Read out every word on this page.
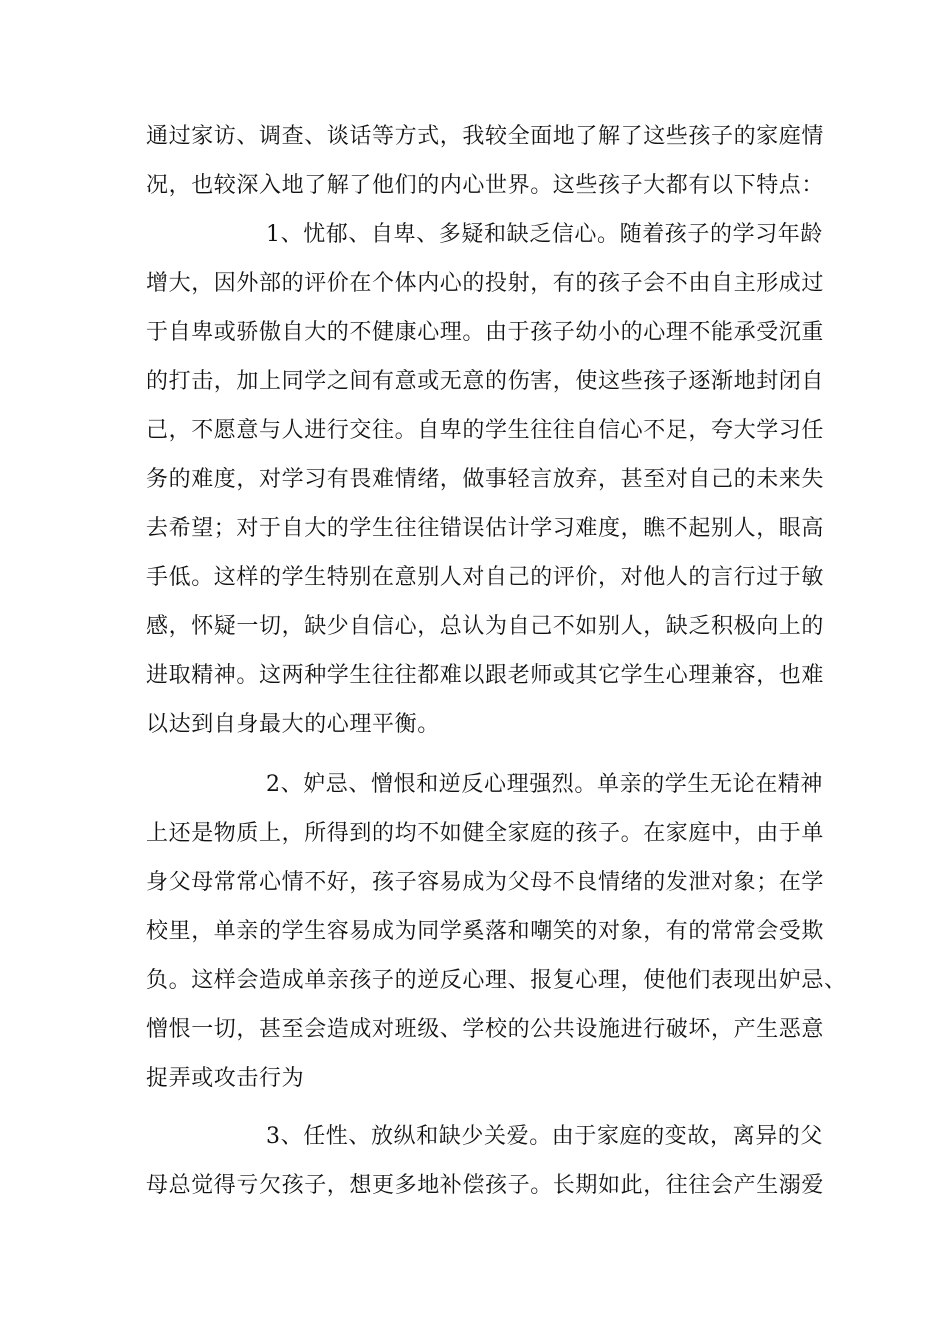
通过家访、调查、谈话等方式，我较全面地了解了这些孩子的家庭情
况，也较深入地了解了他们的内心世界。这些孩子大都有以下特点：
1、忧郁、自卑、多疑和缺乏信心。随着孩子的学习年龄
增大，因外部的评价在个体内心的投射，有的孩子会不由自主形成过
于自卑或骄傲自大的不健康心理。由于孩子幼小的心理不能承受沉重
的打击，加上同学之间有意或无意的伤害，使这些孩子逐渐地封闭自
己，不愿意与人进行交往。自卑的学生往往自信心不足，夸大学习任
务的难度，对学习有畏难情绪，做事轻言放弃，甚至对自己的未来失
去希望；对于自大的学生往往错误估计学习难度，瞧不起别人，眼高
手低。这样的学生特别在意别人对自己的评价，对他人的言行过于敏
感，怀疑一切，缺少自信心，总认为自己不如别人，缺乏积极向上的
进取精神。这两种学生往往都难以跟老师或其它学生心理兼容，也难
以达到自身最大的心理平衡。
2、妒忌、憎恨和逆反心理强烈。单亲的学生无论在精神
上还是物质上，所得到的均不如健全家庭的孩子。在家庭中，由于单
身父母常常心情不好，孩子容易成为父母不良情绪的发泄对象；在学
校里，单亲的学生容易成为同学奚落和嘲笑的对象，有的常常会受欺
负。这样会造成单亲孩子的逆反心理、报复心理，使他们表现出妒忌、
憎恨一切，甚至会造成对班级、学校的公共设施进行破坏，产生恶意
捉弄或攻击行为
3、任性、放纵和缺少关爱。由于家庭的变故，离异的父
母总觉得亏欠孩子，想更多地补偿孩子。长期如此，往往会产生溺爱
